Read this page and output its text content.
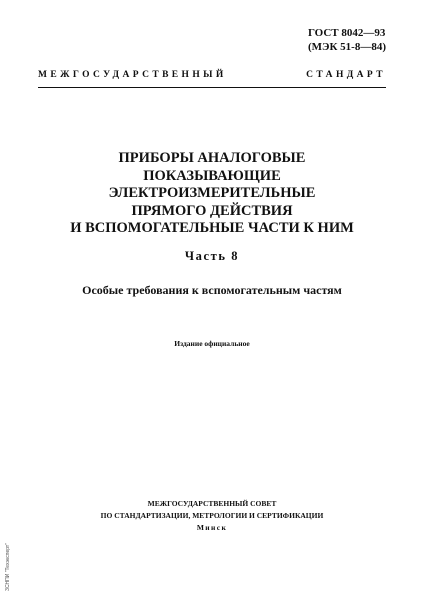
ГОСТ 8042—93
(МЭК 51-8—84)
МЕЖГОСУДАРСТВЕННЫЙ СТАНДАРТ
ПРИБОРЫ АНАЛОГОВЫЕ
ПОКАЗЫВАЮЩИЕ
ЭЛЕКТРОИЗМЕРИТЕЛЬНЫЕ
ПРЯМОГО ДЕЙСТВИЯ
И ВСПОМОГАТЕЛЬНЫЕ ЧАСТИ К НИМ
Часть 8
Особые требования к вспомогательным частям
Издание официальное
МЕЖГОСУДАРСТВЕННЫЙ СОВЕТ
ПО СТАНДАРТИЗАЦИИ, МЕТРОЛОГИИ И СЕРТИФИКАЦИИ
Минск
ЗСНПИ "Техэксперт"
